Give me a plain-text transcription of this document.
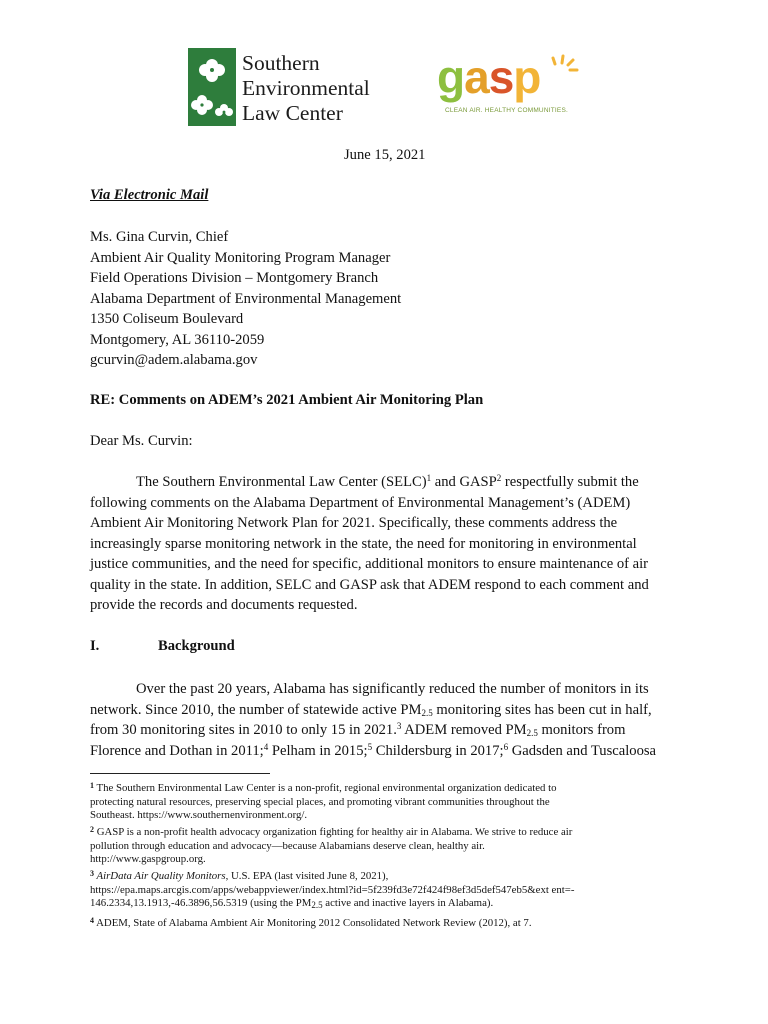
Southern
Environmental
Law Center
gasp
CLEAN AIR. HEALTHY COMMUNITIES.
June 15, 2021
Via Electronic Mail
Ms. Gina Curvin, Chief
Ambient Air Quality Monitoring Program Manager
Field Operations Division – Montgomery Branch
Alabama Department of Environmental Management
1350 Coliseum Boulevard
Montgomery, AL 36110-2059
gcurvin@adem.alabama.gov
RE: Comments on ADEM’s 2021 Ambient Air Monitoring Plan
Dear Ms. Curvin:
The Southern Environmental Law Center (SELC)$^1$ and GASP$^2$ respectfully submit the
following comments on the Alabama Department of Environmental Management’s (ADEM)
Ambient Air Monitoring Network Plan for 2021. Specifically, these comments address the
increasingly sparse monitoring network in the state, the need for monitoring in environmental
justice communities, and the need for specific, additional monitors to ensure maintenance of air
quality in the state. In addition, SELC and GASP ask that ADEM respond to each comment and
provide the records and documents requested.
I.	Background
Over the past 20 years, Alabama has significantly reduced the number of monitors in its
network. Since 2010, the number of statewide active $PM_{2.5}$ monitoring sites has been cut in half,
from 30 monitoring sites in 2010 to only 15 in 2021.$^3$ ADEM removed $PM_{2.5}$ monitors from
Florence and Dothan in 2011;$^4$ Pelham in 2015;$^5$ Childersburg in 2017;$^6$ Gadsden and Tuscaloosa
$^1$ The Southern Environmental Law Center is a non-profit, regional environmental organization dedicated to
protecting natural resources, preserving special places, and promoting vibrant communities throughout the
Southeast. https://www.southernenvironment.org/.
$^2$ GASP is a non-profit health advocacy organization fighting for healthy air in Alabama. We strive to reduce air
pollution through education and advocacy—because Alabamians deserve clean, healthy air.
http://www.gaspgroup.org.
$^3$ AirData Air Quality Monitors, U.S. EPA (last visited June 8, 2021),
https://epa.maps.arcgis.com/apps/webappviewer/index.html?id=5f239fd3e72f424f98ef3d5def547eb5&ext ent=-
146.2334,13.1913,-46.3896,56.5319 (using the $PM_{2.5}$ active and inactive layers in Alabama).
$^4$ ADEM, State of Alabama Ambient Air Monitoring 2012 Consolidated Network Review (2012), at 7.
